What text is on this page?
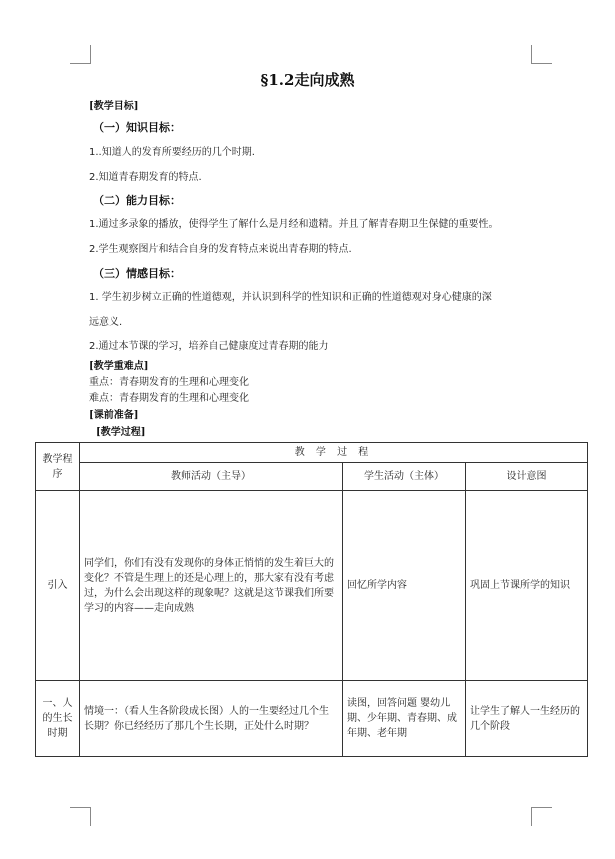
§1.2走向成熟
[教学目标]
（一）知识目标：
1..知道人的发育所要经历的几个时期.
2.知道青春期发育的特点.
（二）能力目标：
1.通过多录象的播放，使得学生了解什么是月经和遗精。并且了解青春期卫生保健的重要性。
2.学生观察图片和结合自身的发育特点来说出青春期的特点.
（三）情感目标：
1. 学生初步树立正确的性道德观，并认识到科学的性知识和正确的性道德观对身心健康的深
远意义.
2.通过本节课的学习，培养自己健康度过青春期的能力
[教学重难点]
重点：青春期发育的生理和心理变化
难点：青春期发育的生理和心理变化
[课前准备]
[教学过程]
教学程序	教 学 过 程		
	教师活动（主导）	学生活动（主体）	设计意图
引入	同学们，你们有没有发现你的身体正悄悄的发生着巨大的变化？不管是生理上的还是心理上的，那大家有没有考虑过，为什么会出现这样的现象呢？这就是这节课我们所要学习的内容——走向成熟	回忆所学内容	巩固上节课所学的知识
一、人的生长时期	情境一：（看人生各阶段成长图）人的一生要经过几个生长期？你已经经历了那几个生长期，正处什么时期？	读图，回答问题 婴幼儿期、少年期、青春期、成年期、老年期	让学生了解人一生经历的几个阶段
